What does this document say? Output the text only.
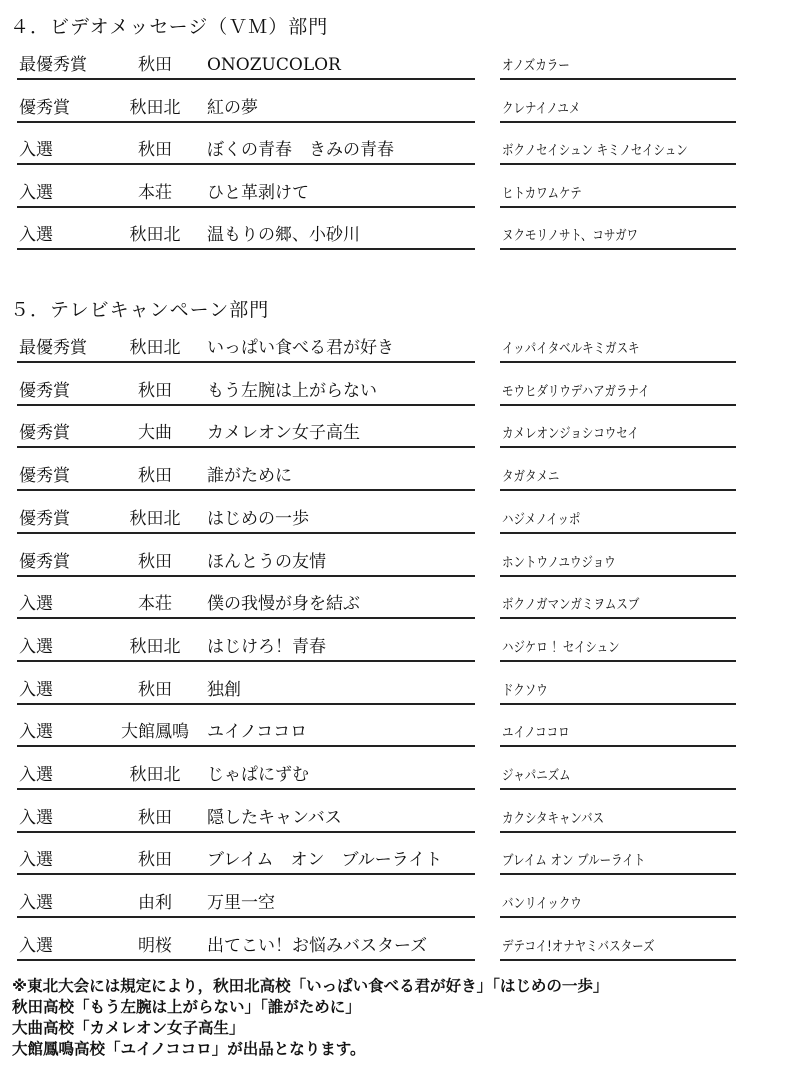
４．ビデオメッセージ（ＶＭ）部門
最優秀賞	秋田	ONOZUCOLOR	オノズカラー
優秀賞	秋田北	紅の夢	クレナイノユメ
入選	秋田	ぼくの青春　きみの青春	ボクノセイシュン キミノセイシュン
入選	本荘	ひと革剥けて	ヒトカワムケテ
入選	秋田北	温もりの郷、小砂川	ヌクモリノサト、コサガワ
５．テレビキャンペーン部門
最優秀賞	秋田北	いっぱい食べる君が好き	イッパイタベルキミガスキ
優秀賞	秋田	もう左腕は上がらない	モウヒダリウデハアガラナイ
優秀賞	大曲	カメレオン女子高生	カメレオンジョシコウセイ
優秀賞	秋田	誰がために	タガタメニ
優秀賞	秋田北	はじめの一歩	ハジメノイッポ
優秀賞	秋田	ほんとうの友情	ホントウノユウジョウ
入選	本荘	僕の我慢が身を結ぶ	ボクノガマンガミヲムスブ
入選	秋田北	はじけろ！青春	ハジケロ ！セイシュン
入選	秋田	独創	ドクソウ
入選	大館鳳鳴	ユイノココロ	ユイノココロ
入選	秋田北	じゃぱにずむ	ジャパニズム
入選	秋田	隠したキャンバス	カクシタキャンバス
入選	秋田	ブレイム　オン　ブルーライト	ブレイム オン ブルーライト
入選	由利	万里一空	バンリイックウ
入選	明桜	出てこい！お悩みバスターズ	デテコイ!オナヤミバスターズ
※東北大会には規定により，秋田北高校「いっぱい食べる君が好き」「はじめの一歩」
秋田高校「もう左腕は上がらない」「誰がために」
大曲高校「カメレオン女子高生」
大館鳳鳴高校「ユイノココロ」が出品となります。
